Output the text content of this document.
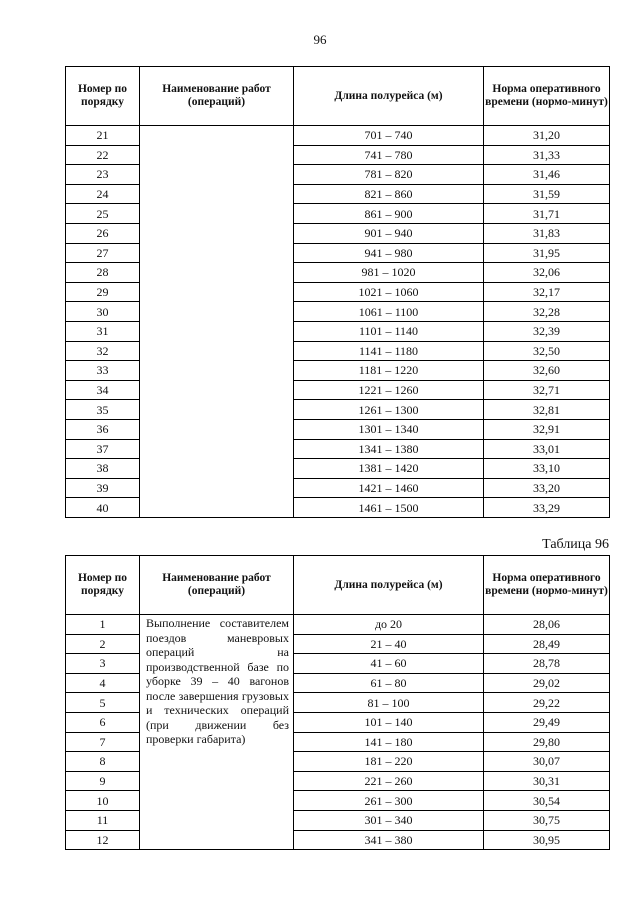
96
Номер по порядку	Наименование работ (операций)	Длина полурейса (м)	Норма оперативного времени (нормо-минут)
21		701 – 740	31,20
22		741 – 780	31,33
23		781 – 820	31,46
24		821 – 860	31,59
25		861 – 900	31,71
26		901 – 940	31,83
27		941 – 980	31,95
28		981 – 1020	32,06
29		1021 – 1060	32,17
30		1061 – 1100	32,28
31		1101 – 1140	32,39
32		1141 – 1180	32,50
33		1181 – 1220	32,60
34		1221 – 1260	32,71
35		1261 – 1300	32,81
36		1301 – 1340	32,91
37		1341 – 1380	33,01
38		1381 – 1420	33,10
39		1421 – 1460	33,20
40		1461 – 1500	33,29
Таблица 96
Номер по порядку	Наименование работ (операций)	Длина полурейса (м)	Норма оперативного времени (нормо-минут)
1	Выполнение составителем поездов маневровых операций на производственной базе по уборке 39 – 40 вагонов после завершения грузовых и технических операций (при движении без проверки габарита)	до 20	28,06
2		21 – 40	28,49
3		41 – 60	28,78
4		61 – 80	29,02
5		81 – 100	29,22
6		101 – 140	29,49
7		141 – 180	29,80
8		181 – 220	30,07
9		221 – 260	30,31
10		261 – 300	30,54
11		301 – 340	30,75
12		341 – 380	30,95
